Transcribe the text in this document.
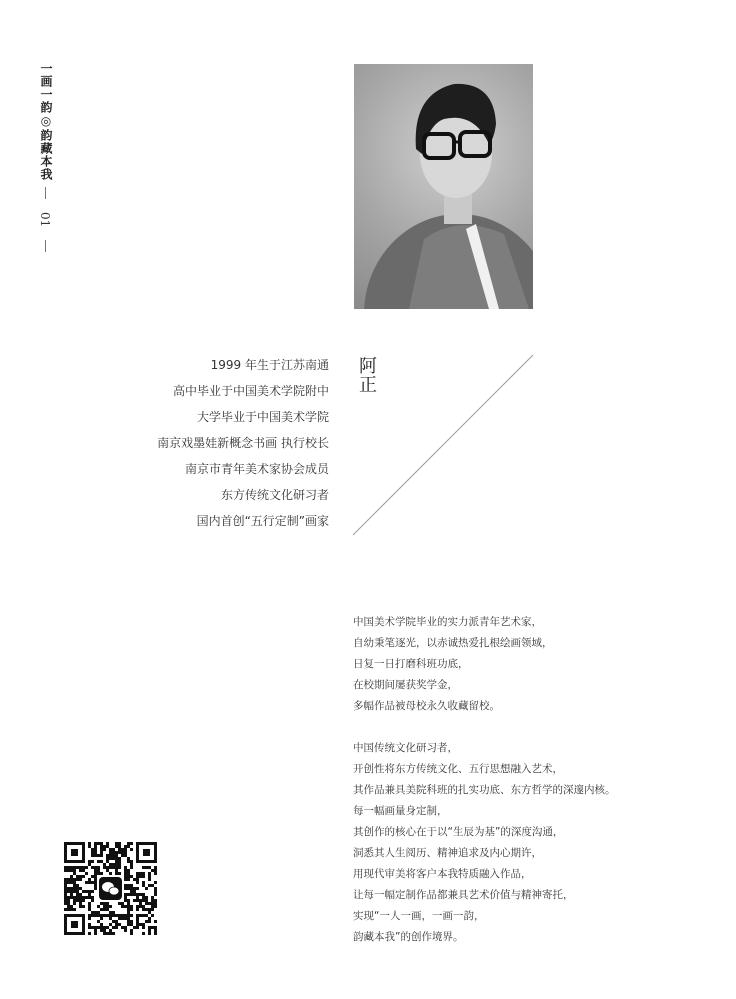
一画一韵◎韵藏本我
01
1999 年生于江苏南通
高中毕业于中国美术学院附中
大学毕业于中国美术学院
南京戏墨娃新概念书画 执行校长
南京市青年美术家协会成员
东方传统文化研习者
国内首创“五行定制”画家
阿正
中国美术学院毕业的实力派青年艺术家，
自幼秉笔逐光，以赤诚热爱扎根绘画领域，
日复一日打磨科班功底，
在校期间屡获奖学金，
多幅作品被母校永久收藏留校。
中国传统文化研习者，
开创性将东方传统文化、五行思想融入艺术，
其作品兼具美院科班的扎实功底、东方哲学的深邃内核。
每一幅画量身定制，
其创作的核心在于以“生辰为基”的深度沟通，
洞悉其人生阅历、精神追求及内心期许，
用现代审美将客户本我特质融入作品，
让每一幅定制作品都兼具艺术价值与精神寄托，
实现“一人一画，一画一韵，
韵藏本我”的创作境界。
